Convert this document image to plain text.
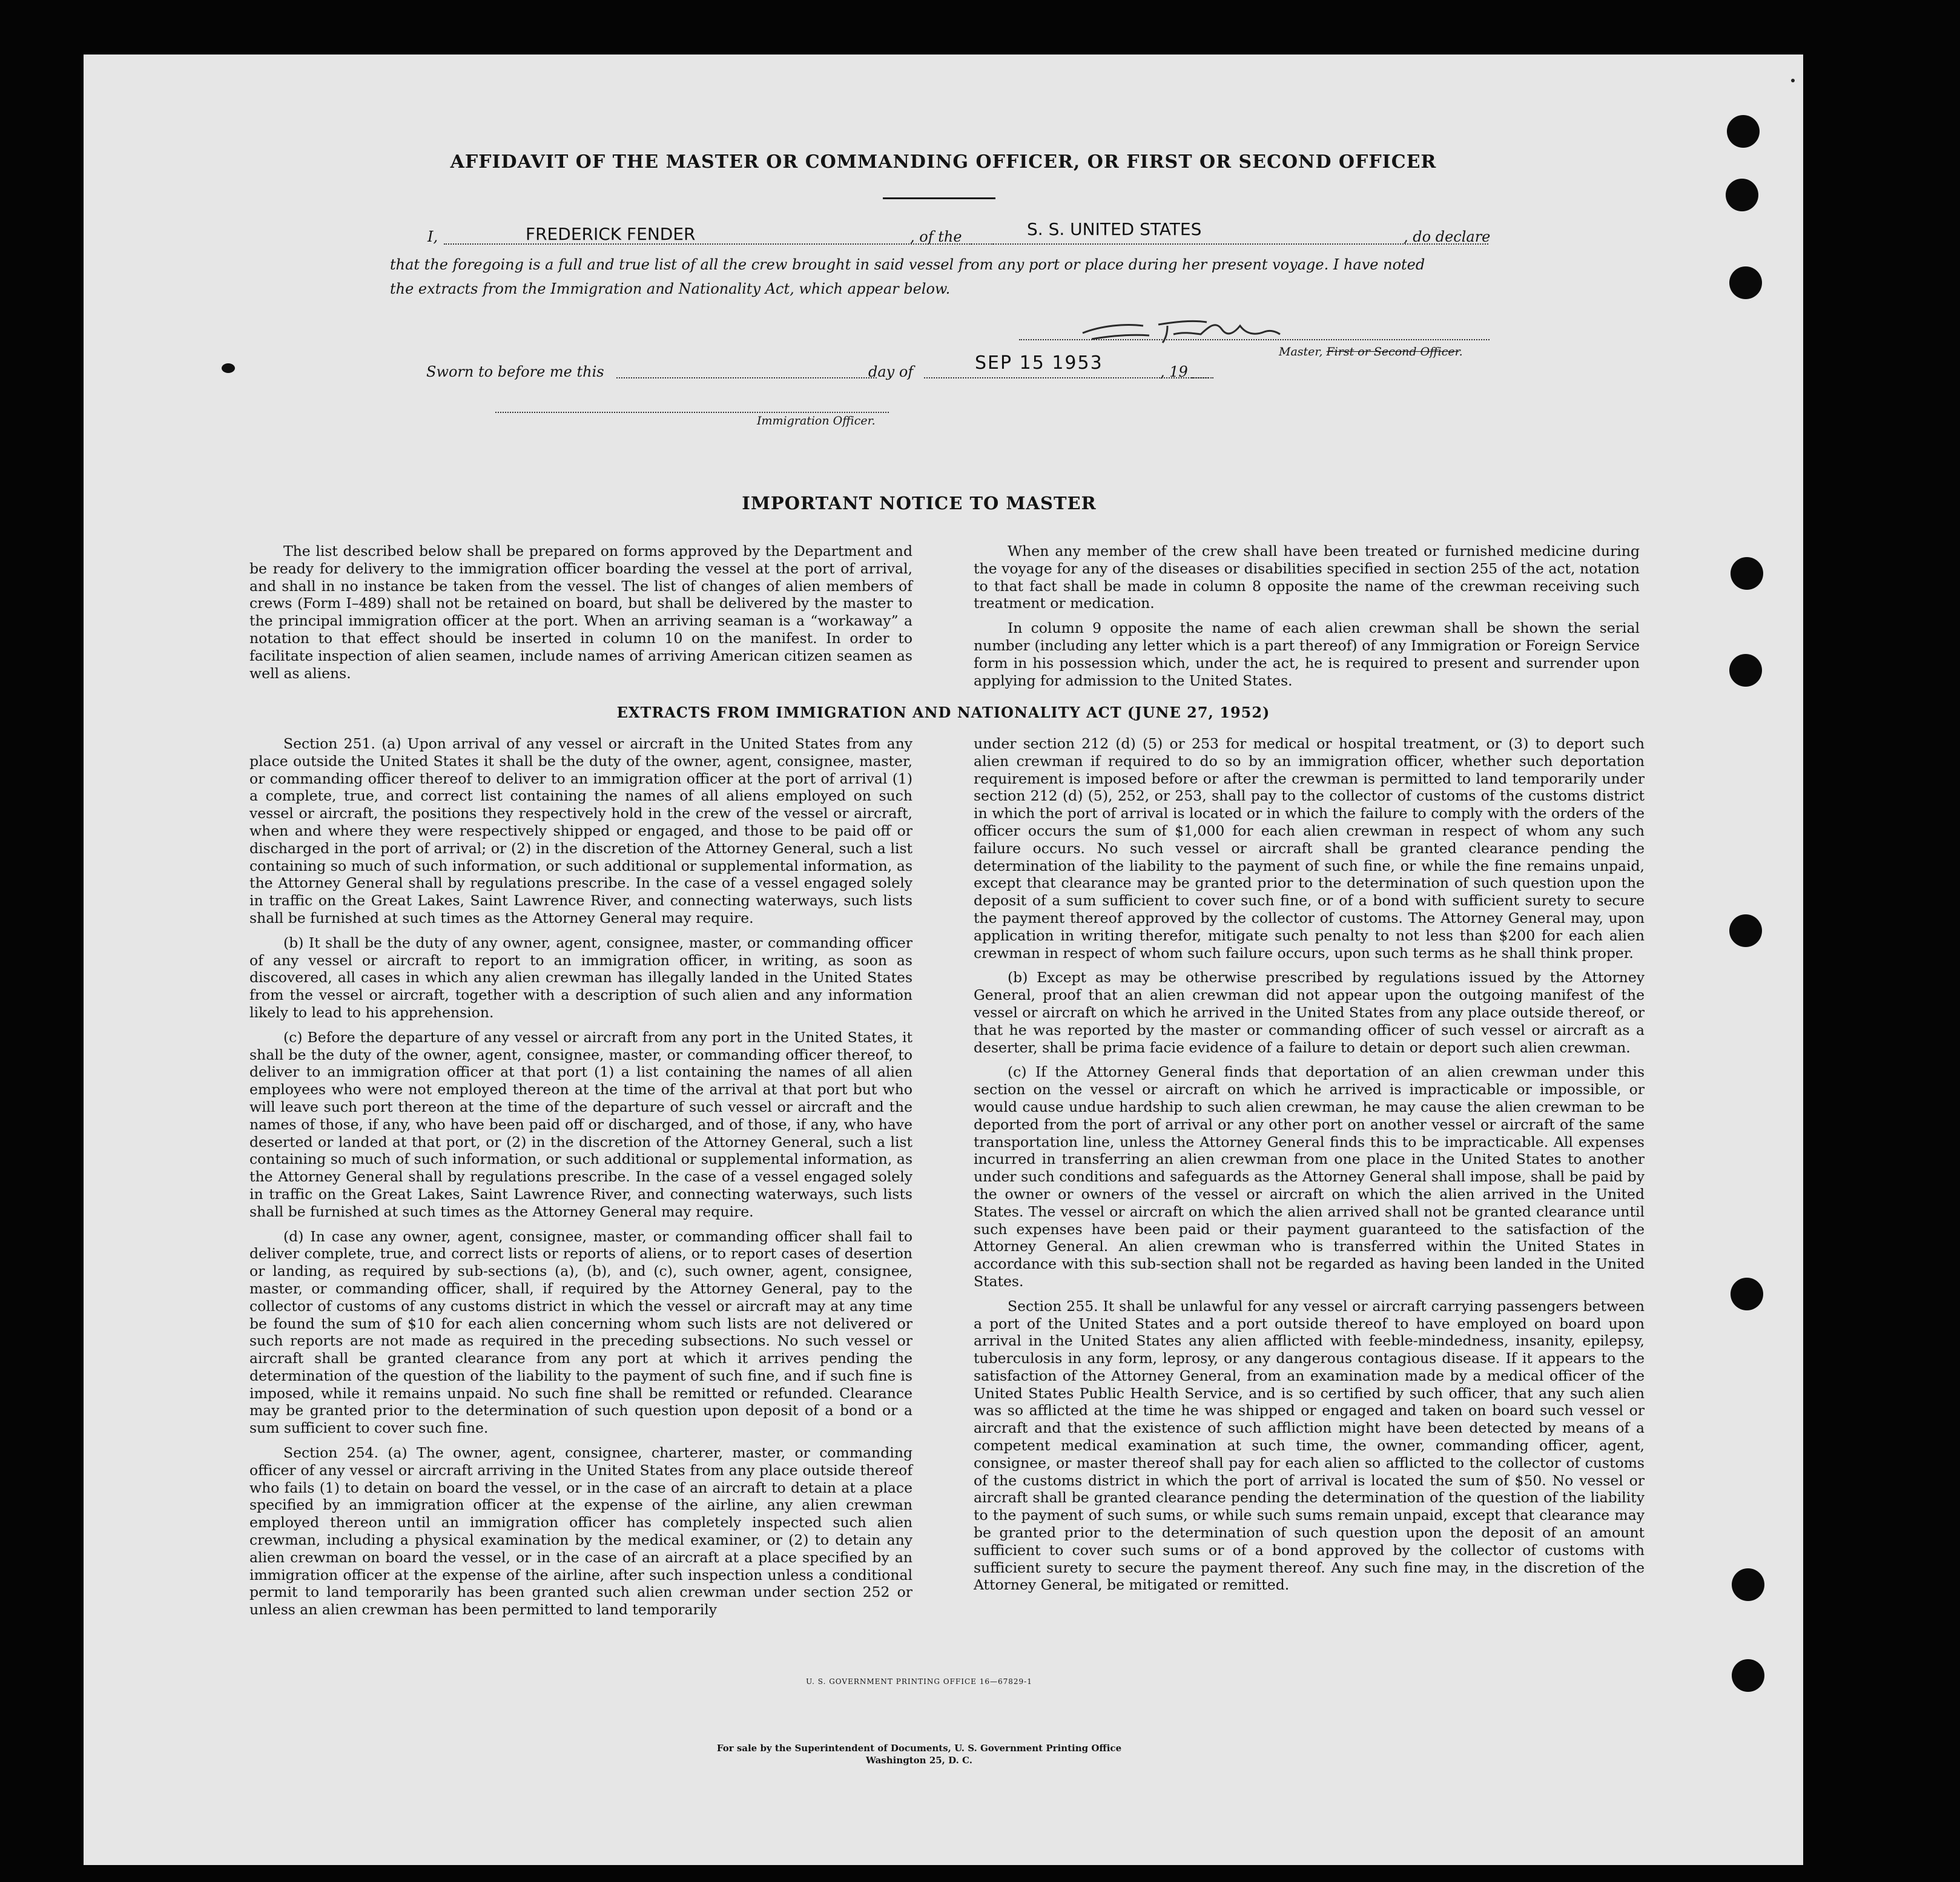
AFFIDAVIT OF THE MASTER OR COMMANDING OFFICER, OR FIRST OR SECOND OFFICER
I,	FREDERICK FENDER	, of the	S. S. UNITED STATES	, do declare
that the foregoing is a full and true list of all the crew brought in said vessel from any port or place during her present voyage. I have noted
the extracts from the Immigration and Nationality Act, which appear below.
Master, First or Second Officer.
Sworn to before me this	day of	SEP 15 1953	, 19
Immigration Officer.
IMPORTANT NOTICE TO MASTER

The list described below shall be prepared on forms approved by the Department and be ready for delivery to the immigration officer boarding the vessel at the port of arrival, and shall in no instance be taken from the vessel. The list of changes of alien members of crews (Form I–489) shall not be retained on board, but shall be delivered by the master to the principal immigration officer at the port. When an arriving seaman is a “workaway” a notation to that effect should be inserted in column 10 on the manifest. In order to facilitate inspection of alien seamen, include names of arriving American citizen seamen as well as aliens.

When any member of the crew shall have been treated or furnished medicine during the voyage for any of the diseases or disabilities specified in section 255 of the act, notation to that fact shall be made in column 8 opposite the name of the crewman receiving such treatment or medication.

In column 9 opposite the name of each alien crewman shall be shown the serial number (including any letter which is a part thereof) of any Immigration or Foreign Service form in his possession which, under the act, he is required to present and surrender upon applying for admission to the United States.

EXTRACTS FROM IMMIGRATION AND NATIONALITY ACT (JUNE 27, 1952)

Section 251. (a) Upon arrival of any vessel or aircraft in the United States from any place outside the United States it shall be the duty of the owner, agent, consignee, master, or commanding officer thereof to deliver to an immigration officer at the port of arrival (1) a complete, true, and correct list containing the names of all aliens employed on such vessel or aircraft, the positions they respectively hold in the crew of the vessel or aircraft, when and where they were respectively shipped or engaged, and those to be paid off or discharged in the port of arrival; or (2) in the discretion of the Attorney General, such a list containing so much of such information, or such additional or supplemental information, as the Attorney General shall by regulations prescribe. In the case of a vessel engaged solely in traffic on the Great Lakes, Saint Lawrence River, and connecting waterways, such lists shall be furnished at such times as the Attorney General may require.

(b) It shall be the duty of any owner, agent, consignee, master, or commanding officer of any vessel or aircraft to report to an immigration officer, in writing, as soon as discovered, all cases in which any alien crewman has illegally landed in the United States from the vessel or aircraft, together with a description of such alien and any information likely to lead to his apprehension.

(c) Before the departure of any vessel or aircraft from any port in the United States, it shall be the duty of the owner, agent, consignee, master, or commanding officer thereof, to deliver to an immigration officer at that port (1) a list containing the names of all alien employees who were not employed thereon at the time of the arrival at that port but who will leave such port thereon at the time of the departure of such vessel or aircraft and the names of those, if any, who have been paid off or discharged, and of those, if any, who have deserted or landed at that port, or (2) in the discretion of the Attorney General, such a list containing so much of such information, or such additional or supplemental information, as the Attorney General shall by regulations prescribe. In the case of a vessel engaged solely in traffic on the Great Lakes, Saint Lawrence River, and connecting waterways, such lists shall be furnished at such times as the Attorney General may require.

(d) In case any owner, agent, consignee, master, or commanding officer shall fail to deliver complete, true, and correct lists or reports of aliens, or to report cases of desertion or landing, as required by sub-sections (a), (b), and (c), such owner, agent, consignee, master, or commanding officer, shall, if required by the Attorney General, pay to the collector of customs of any customs district in which the vessel or aircraft may at any time be found the sum of $10 for each alien concerning whom such lists are not delivered or such reports are not made as required in the preceding subsections. No such vessel or aircraft shall be granted clearance from any port at which it arrives pending the determination of the question of the liability to the payment of such fine, and if such fine is imposed, while it remains unpaid. No such fine shall be remitted or refunded. Clearance may be granted prior to the determination of such question upon deposit of a bond or a sum sufficient to cover such fine.

Section 254. (a) The owner, agent, consignee, charterer, master, or commanding officer of any vessel or aircraft arriving in the United States from any place outside thereof who fails (1) to detain on board the vessel, or in the case of an aircraft to detain at a place specified by an immigration officer at the expense of the airline, any alien crewman employed thereon until an immigration officer has completely inspected such alien crewman, including a physical examination by the medical examiner, or (2) to detain any alien crewman on board the vessel, or in the case of an aircraft at a place specified by an immigration officer at the expense of the airline, after such inspection unless a conditional permit to land temporarily has been granted such alien crewman under section 252 or unless an alien crewman has been permitted to land temporarily

under section 212 (d) (5) or 253 for medical or hospital treatment, or (3) to deport such alien crewman if required to do so by an immigration officer, whether such deportation requirement is imposed before or after the crewman is permitted to land temporarily under section 212 (d) (5), 252, or 253, shall pay to the collector of customs of the customs district in which the port of arrival is located or in which the failure to comply with the orders of the officer occurs the sum of $1,000 for each alien crewman in respect of whom any such failure occurs. No such vessel or aircraft shall be granted clearance pending the determination of the liability to the payment of such fine, or while the fine remains unpaid, except that clearance may be granted prior to the determination of such question upon the deposit of a sum sufficient to cover such fine, or of a bond with sufficient surety to secure the payment thereof approved by the collector of customs. The Attorney General may, upon application in writing therefor, mitigate such penalty to not less than $200 for each alien crewman in respect of whom such failure occurs, upon such terms as he shall think proper.

(b) Except as may be otherwise prescribed by regulations issued by the Attorney General, proof that an alien crewman did not appear upon the outgoing manifest of the vessel or aircraft on which he arrived in the United States from any place outside thereof, or that he was reported by the master or commanding officer of such vessel or aircraft as a deserter, shall be prima facie evidence of a failure to detain or deport such alien crewman.

(c) If the Attorney General finds that deportation of an alien crewman under this section on the vessel or aircraft on which he arrived is impracticable or impossible, or would cause undue hardship to such alien crewman, he may cause the alien crewman to be deported from the port of arrival or any other port on another vessel or aircraft of the same transportation line, unless the Attorney General finds this to be impracticable. All expenses incurred in transferring an alien crewman from one place in the United States to another under such conditions and safeguards as the Attorney General shall impose, shall be paid by the owner or owners of the vessel or aircraft on which the alien arrived in the United States. The vessel or aircraft on which the alien arrived shall not be granted clearance until such expenses have been paid or their payment guaranteed to the satisfaction of the Attorney General. An alien crewman who is transferred within the United States in accordance with this sub-section shall not be regarded as having been landed in the United States.

Section 255. It shall be unlawful for any vessel or aircraft carrying passengers between a port of the United States and a port outside thereof to have employed on board upon arrival in the United States any alien afflicted with feeble-mindedness, insanity, epilepsy, tuberculosis in any form, leprosy, or any dangerous contagious disease. If it appears to the satisfaction of the Attorney General, from an examination made by a medical officer of the United States Public Health Service, and is so certified by such officer, that any such alien was so afflicted at the time he was shipped or engaged and taken on board such vessel or aircraft and that the existence of such affliction might have been detected by means of a competent medical examination at such time, the owner, commanding officer, agent, consignee, or master thereof shall pay for each alien so afflicted to the collector of customs of the customs district in which the port of arrival is located the sum of $50. No vessel or aircraft shall be granted clearance pending the determination of the question of the liability to the payment of such sums, or while such sums remain unpaid, except that clearance may be granted prior to the determination of such question upon the deposit of an amount sufficient to cover such sums or of a bond approved by the collector of customs with sufficient surety to secure the payment thereof. Any such fine may, in the discretion of the Attorney General, be mitigated or remitted.

U. S. GOVERNMENT PRINTING OFFICE 16—67829-1
For sale by the Superintendent of Documents, U. S. Government Printing Office
Washington 25, D. C.
